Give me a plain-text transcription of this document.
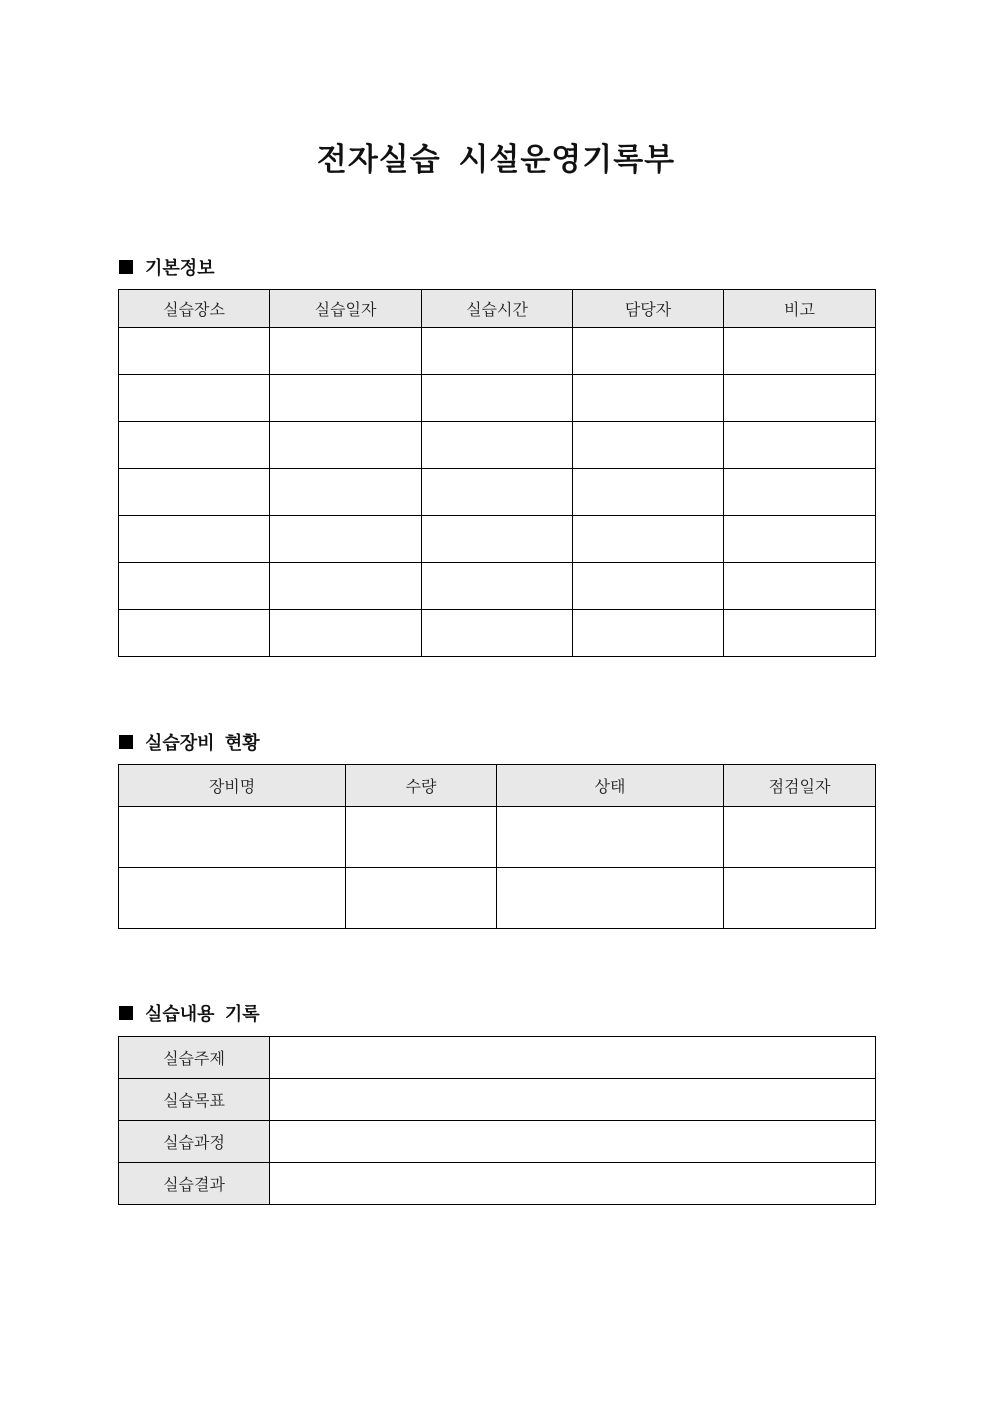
전자실습 시설운영기록부
기본정보
실습장소	실습일자	실습시간	담당자	비고

실습장비 현황
장비명	수량	상태	점검일자

실습내용 기록
실습주제	
실습목표	
실습과정	
실습결과	
